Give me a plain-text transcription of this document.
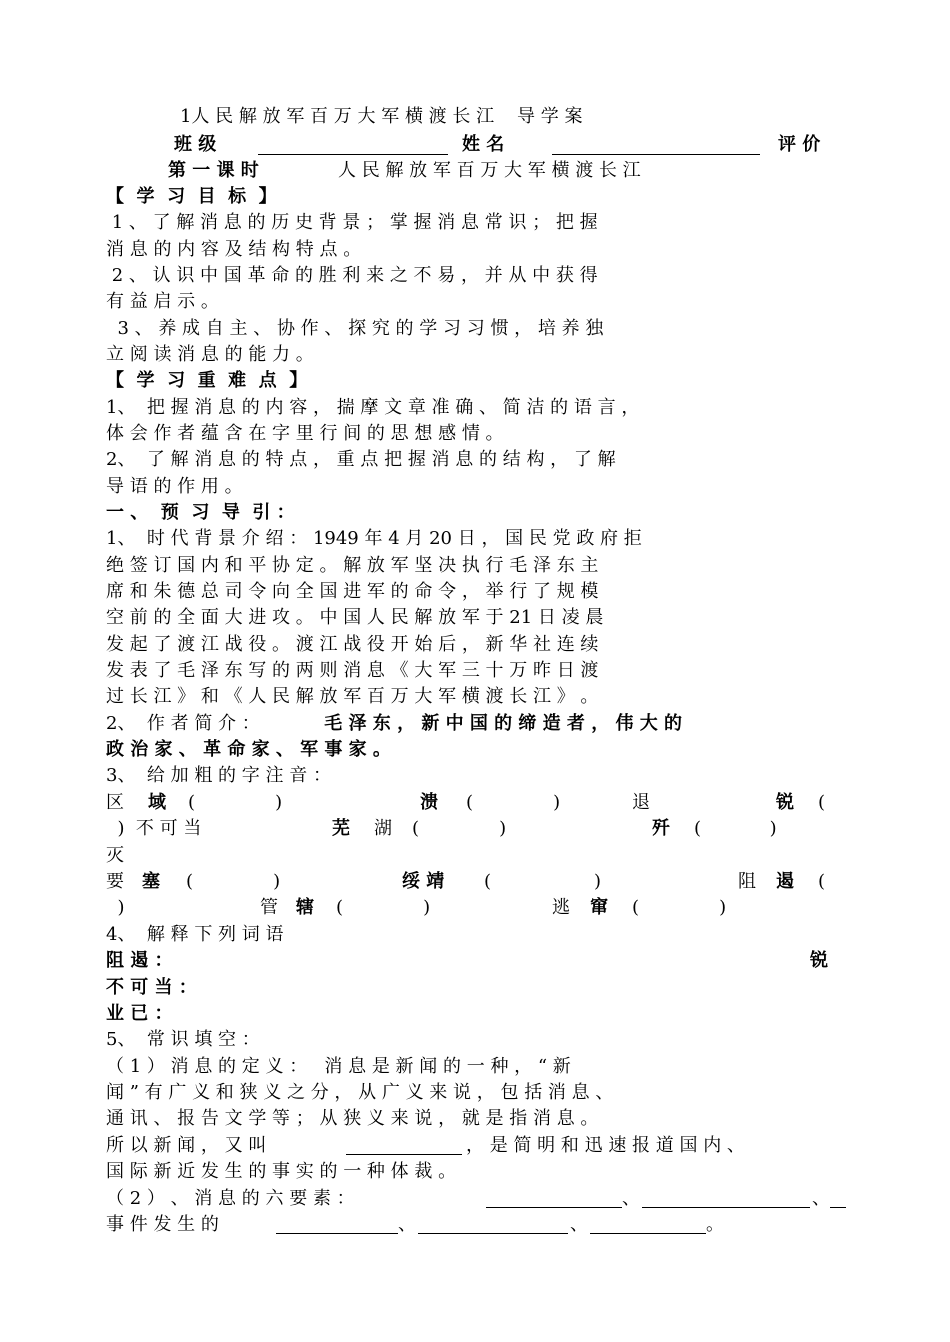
1人 民 解 放 军 百 万 大 军 横 渡 长 江    导 学 案
班 级	姓 名	评 价
第 一 课 时	人 民 解 放 军 百 万 大 军 横 渡 长 江
【  学  习  目  标  】
1 、 了 解 消 息 的 历 史 背 景 ； 掌 握 消 息 常 识 ； 把 握
消 息 的 内 容 及 结 构 特 点 。
2 、 认 识 中 国 革 命 的 胜 利 来 之 不 易 ， 并 从 中 获 得
有 益 启 示 。
3 、 养 成 自 主 、 协 作 、 探 究 的 学 习 习 惯 ， 培 养 独
立 阅 读 消 息 的 能 力 。
【  学  习  重  难  点  】
1、  把 握 消 息 的 内 容 ， 揣 摩 文 章 准 确 、 简 洁 的 语 言 ，
体 会 作 者 蕴 含 在 字 里 行 间 的 思 想 感 情 。
2、  了 解 消 息 的 特 点 ， 重 点 把 握 消 息 的 结 构 ， 了 解
导 语 的 作 用 。
一 、  预  习  导  引 ：
1、  时 代 背 景 介 绍 ： 1949 年 4 月 20 日 ， 国 民 党 政 府 拒
绝 签 订 国 内 和 平 协 定 。 解 放 军 坚 决 执 行 毛 泽 东 主
席 和 朱 德 总 司 令 向 全 国 进 军 的 命 令 ， 举 行 了 规 模
空 前 的 全 面 大 进 攻 。 中 国 人 民 解 放 军 于 21 日 凌 晨
发 起 了 渡 江 战 役 。 渡 江 战 役 开 始 后 ， 新 华 社 连 续
发 表 了 毛 泽 东 写 的 两 则 消 息 《 大 军 三 十 万 昨 日 渡
过 长 江 》 和 《 人 民 解 放 军 百 万 大 军 横 渡 长 江 》 。
2、  作 者 简 介 ：	毛 泽 东 ， 新 中 国 的 缔 造 者 ， 伟 大 的
政 治 家 、 革 命 家 、 军 事 家 。
3、  给 加 粗 的 字 注 音 ：
区 域 (              )	溃 (              )	退	锐 (
)  不 可 当	芜 湖 (              )	歼 (            )
灭
要 塞 (              )	绥 靖 (                  )	阻 遏 (
)	管 辖 (              )	逃 窜 (              )
4、  解 释 下 列 词 语
阻 遏 ：	锐
不 可 当 ：
业 已 ：
5、  常 识 填 空 ：
（ 1 ） 消 息 的 定 义 ：   消 息 是 新 闻 的 一 种 ， “ 新
闻 ” 有 广 义 和 狭 义 之 分 ， 从 广 义 来 说 ， 包 括 消 息 、
通 讯 、 报 告 文 学 等 ； 从 狭 义 来 说 ， 就 是 指 消 息 。
所 以 新 闻 ， 又 叫	， 是 简 明 和 迅 速 报 道 国 内 、
国 际 新 近 发 生 的 事 实 的 一 种 体 裁 。
（ 2 ） 、 消 息 的 六 要 素 ：	、	、
事 件 发 生 的	、	、	。
